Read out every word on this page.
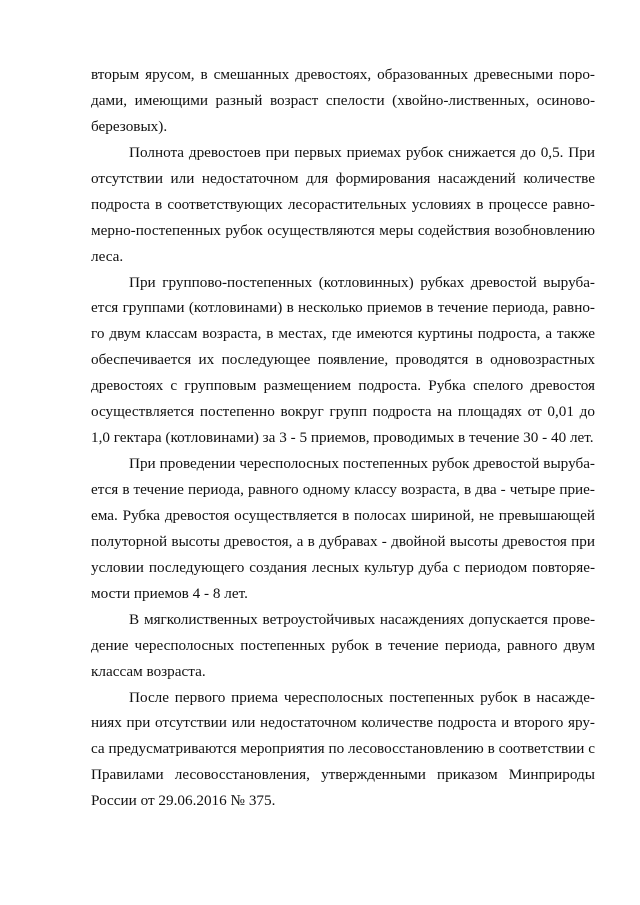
вторым ярусом, в смешанных древостоях, образованных древесными поро-
дами, имеющими разный возраст спелости (хвойно-лиственных, осиново-
березовых).
Полнота древостоев при первых приемах рубок снижается до 0,5. При
отсутствии или недостаточном для формирования насаждений количестве
подроста в соответствующих лесорастительных условиях в процессе равно-
мерно-постепенных рубок осуществляются меры содействия возобновлению
леса.
При группово-постепенных (котловинных) рубках древостой выруба-
ется группами (котловинами) в несколько приемов в течение периода, равно-
го двум классам возраста, в местах, где имеются куртины подроста, а также
обеспечивается их последующее появление, проводятся в одновозрастных
древостоях с групповым размещением подроста. Рубка спелого древостоя
осуществляется постепенно вокруг групп подроста на площадях от 0,01 до
1,0 гектара (котловинами) за 3 - 5 приемов, проводимых в течение 30 - 40 лет.
При проведении чересполосных постепенных рубок древостой выруба-
ется в течение периода, равного одному классу возраста, в два - четыре прие-
ема. Рубка древостоя осуществляется в полосах шириной, не превышающей
полуторной высоты древостоя, а в дубравах - двойной высоты древостоя при
условии последующего создания лесных культур дуба с периодом повторяе-
мости приемов 4 - 8 лет.
В мягколиственных ветроустойчивых насаждениях допускается прове-
дение чересполосных постепенных рубок в течение периода, равного двум
классам возраста.
После первого приема чересполосных постепенных рубок в насажде-
ниях при отсутствии или недостаточном количестве подроста и второго яру-
са предусматриваются мероприятия по лесовосстановлению в соответствии с
Правилами лесовосстановления, утвержденными приказом Минприроды
России от 29.06.2016 № 375.
